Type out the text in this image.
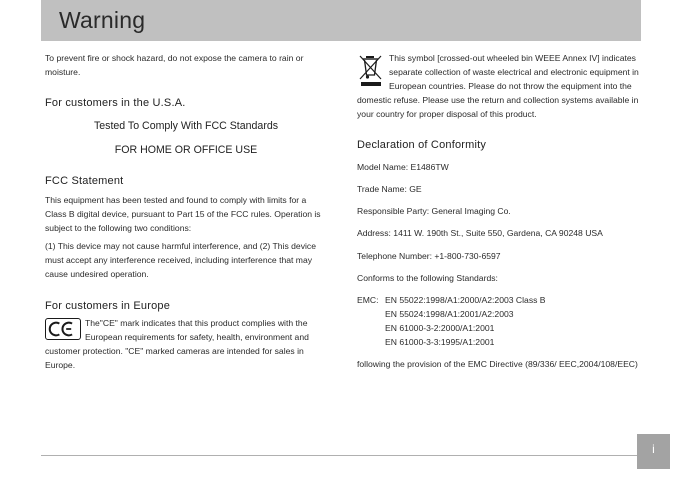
Warning

To prevent fire or shock hazard, do not expose the camera to rain or moisture.

For customers in the U.S.A.

Tested To Comply With FCC Standards

FOR HOME OR OFFICE USE

FCC Statement

This equipment has been tested and found to comply with limits for a Class B digital device, pursuant to Part 15 of the FCC rules. Operation is subject to the following two conditions:

(1) This device may not cause harmful interference, and (2) This device must accept any interference received, including interference that may cause undesired operation.

For customers in Europe

The"CE" mark indicates that this product complies with the European requirements for safety, health, environment and customer protection. "CE" marked cameras are intended for sales in Europe.

This symbol [crossed-out wheeled bin WEEE Annex IV] indicates separate collection of waste electrical and electronic equipment in European countries. Please do not throw the equipment into the domestic refuse. Please use the return and collection systems available in your country for proper disposal of this product.

Declaration of Conformity

Model Name: E1486TW

Trade Name: GE

Responsible Party: General Imaging Co.

Address: 1411 W. 190th St., Suite 550, Gardena, CA 90248 USA

Telephone Number: +1-800-730-6597

Conforms to the following Standards:

EMC: EN 55022:1998/A1:2000/A2:2003 Class B

EN 55024:1998/A1:2001/A2:2003

EN 61000-3-2:2000/A1:2001

EN 61000-3-3:1995/A1:2001

following the provision of the EMC Directive (89/336/ EEC,2004/108/EEC)

i
